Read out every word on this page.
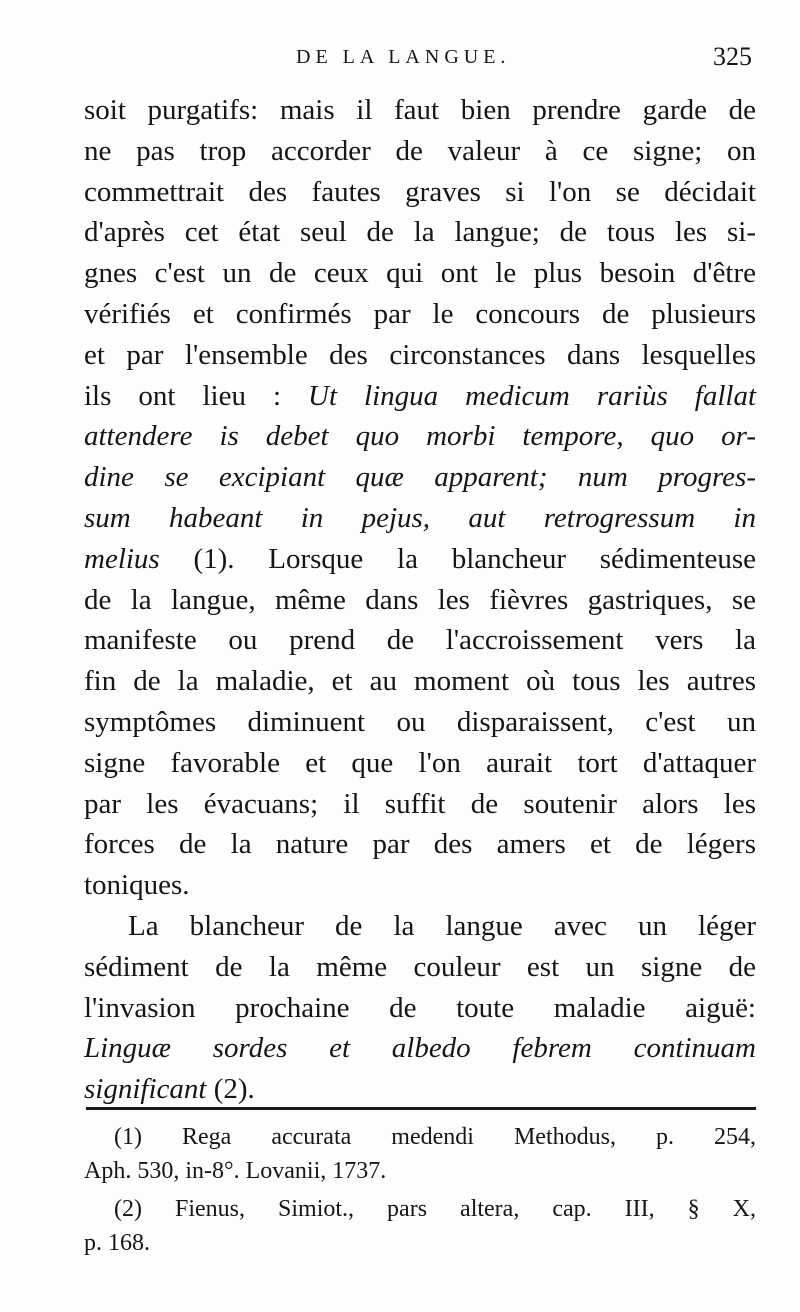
DE LA LANGUE.	325
soit purgatifs: mais il faut bien prendre garde de
ne pas trop accorder de valeur à ce signe; on
commettrait des fautes graves si l'on se décidait
d'après cet état seul de la langue; de tous les si-
gnes c'est un de ceux qui ont le plus besoin d'être
vérifiés et confirmés par le concours de plusieurs
et par l'ensemble des circonstances dans lesquelles
ils ont lieu : Ut lingua medicum rariùs fallat
attendere is debet quo morbi tempore, quo or-
dine se excipiant quæ apparent; num progres-
sum habeant in pejus, aut retrogressum in
melius (1). Lorsque la blancheur sédimenteuse
de la langue, même dans les fièvres gastriques, se
manifeste ou prend de l'accroissement vers la
fin de la maladie, et au moment où tous les autres
symptômes diminuent ou disparaissent, c'est un
signe favorable et que l'on aurait tort d'attaquer
par les évacuans; il suffit de soutenir alors les
forces de la nature par des amers et de légers
toniques.
La blancheur de la langue avec un léger
sédiment de la même couleur est un signe de
l'invasion prochaine de toute maladie aiguë:
Linguæ sordes et albedo febrem continuam
significant (2).
(1) Rega accurata medendi Methodus, p. 254,
Aph. 530, in-8°. Lovanii, 1737.
(2) Fienus, Simiot., pars altera, cap. III, § X,
p. 168.
